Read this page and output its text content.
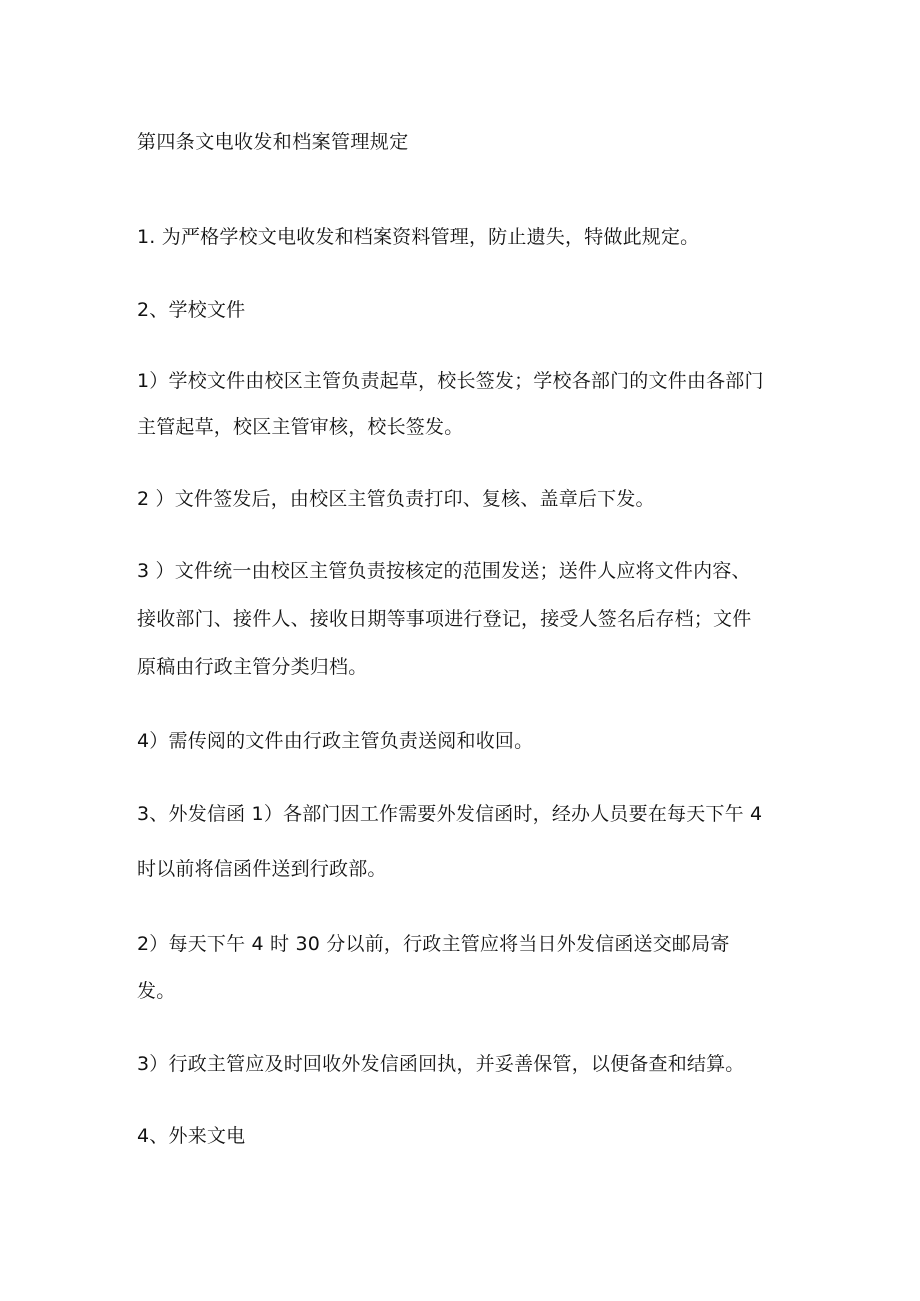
第四条文电收发和档案管理规定

1. 为严格学校文电收发和档案资料管理，防止遗失，特做此规定。

2、学校文件

1）学校文件由校区主管负责起草，校长签发；学校各部门的文件由各部门

主管起草，校区主管审核，校长签发。

2 ）文件签发后，由校区主管负责打印、复核、盖章后下发。

3 ）文件统一由校区主管负责按核定的范围发送；送件人应将文件内容、

接收部门、接件人、接收日期等事项进行登记，接受人签名后存档；文件

原稿由行政主管分类归档。

4）需传阅的文件由行政主管负责送阅和收回。

3、外发信函 1）各部门因工作需要外发信函时，经办人员要在每天下午 4

时以前将信函件送到行政部。

2）每天下午 4 时 30 分以前，行政主管应将当日外发信函送交邮局寄

发。

3）行政主管应及时回收外发信函回执，并妥善保管，以便备查和结算。

4、外来文电
